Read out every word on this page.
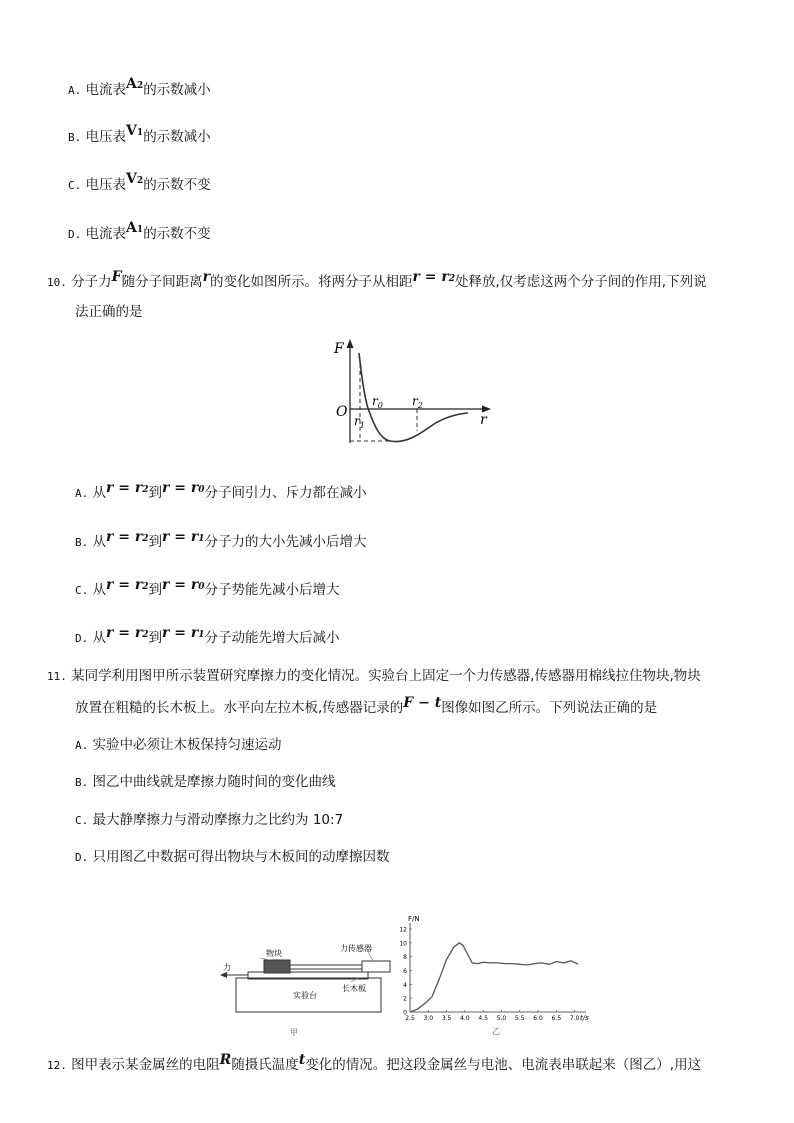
A. 电流表A2的示数减小
B. 电压表V1的示数减小
C. 电压表V2的示数不变
D. 电流表A1的示数不变
10. 分子力F随分子间距离r的变化如图所示。将两分子从相距r = r2处释放,仅考虑这两个分子间的作用,下列说
法正确的是
F
O	r
$r_0$ $r_2$
$r_1$
A. 从r = r2到r = r0分子间引力、斥力都在减小
B. 从r = r2到r = r1分子力的大小先减小后增大
C. 从r = r2到r = r0分子势能先减小后增大
D. 从r = r2到r = r1分子动能先增大后减小
11. 某同学利用图甲所示装置研究摩擦力的变化情况。实验台上固定一个力传感器,传感器用棉线拉住物块,物块
放置在粗糙的长木板上。水平向左拉木板,传感器记录的F − t图像如图乙所示。下列说法正确的是
A. 实验中必须让木板保持匀速运动
B. 图乙中曲线就是摩擦力随时间的变化曲线
C. 最大静摩擦力与滑动摩擦力之比约为 10:7
D. 只用图乙中数据可得出物块与木板间的动摩擦因数
物块
力传感器
力
实验台
长木板
甲
0
2
4
6
8
10
12
2.5 3.0 3.5 4.0 4.5 5.0 5.5 6.0 6.5 7.0
F/N
t/s
乙
12. 图甲表示某金属丝的电阻R随摄氏温度t变化的情况。把这段金属丝与电池、电流表串联起来（图乙）,用这
